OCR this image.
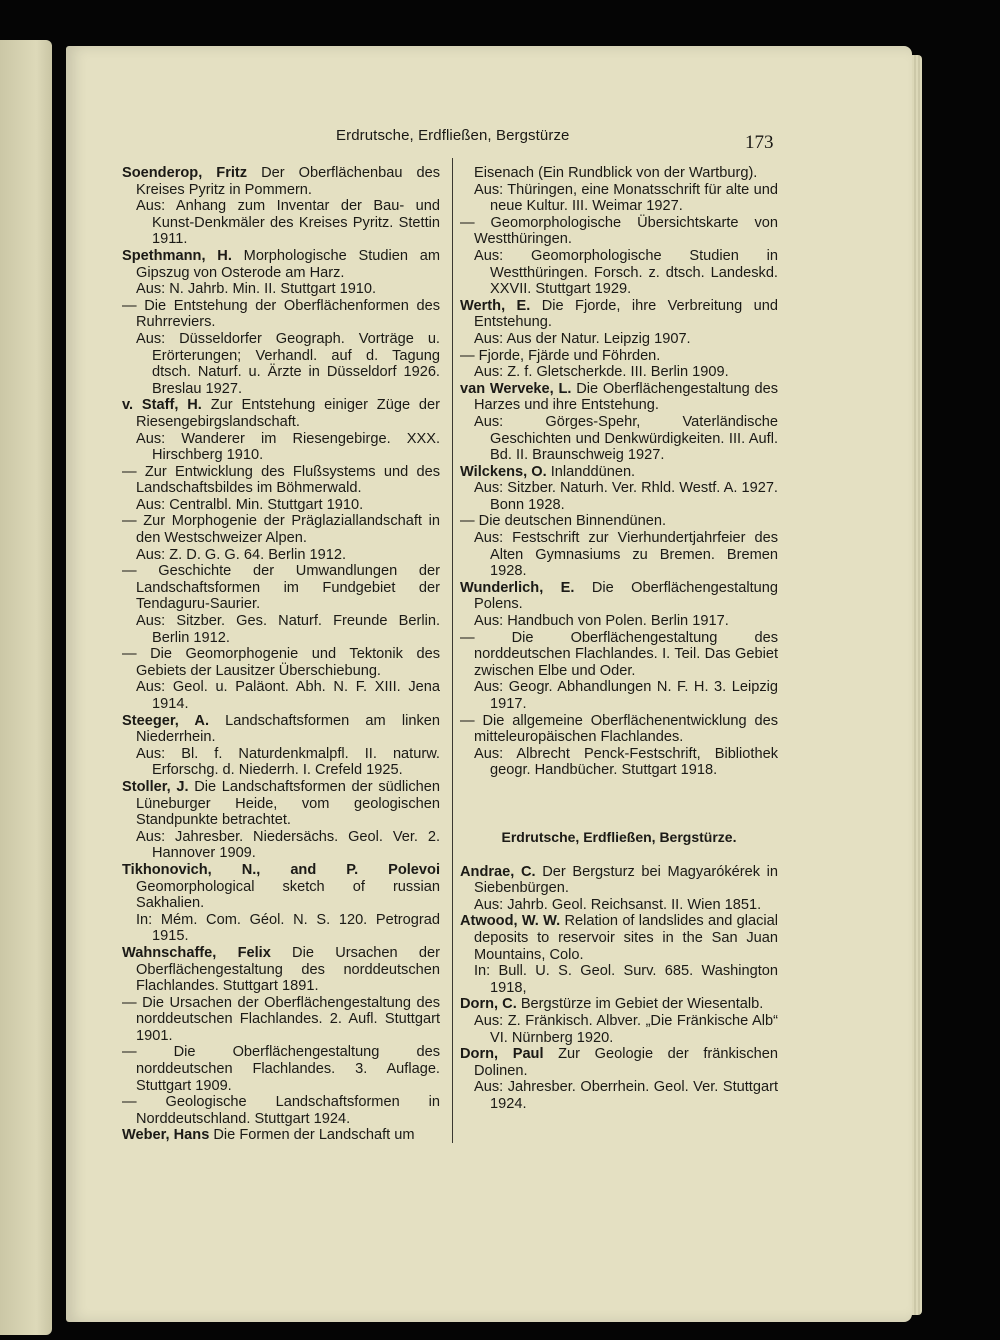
Erdrutsche, Erdfließen, Bergstürze	173

Soenderop, Fritz Der Oberflächenbau des Kreises Pyritz in Pommern.

Aus: Anhang zum Inventar der Bau- und Kunst-Denkmäler des Kreises Pyritz. Stettin 1911.

Spethmann, H. Morphologische Studien am Gipszug von Osterode am Harz.

Aus: N. Jahrb. Min. II. Stuttgart 1910.

— Die Entstehung der Oberflächenformen des Ruhrreviers.

Aus: Düsseldorfer Geograph. Vorträge u. Erörterungen; Verhandl. auf d. Tagung dtsch. Naturf. u. Ärzte in Düsseldorf 1926. Breslau 1927.

v. Staff, H. Zur Entstehung einiger Züge der Riesengebirgslandschaft.

Aus: Wanderer im Riesengebirge. XXX. Hirschberg 1910.

— Zur Entwicklung des Flußsystems und des Landschaftsbildes im Böhmerwald.

Aus: Centralbl. Min. Stuttgart 1910.

— Zur Morphogenie der Präglaziallandschaft in den Westschweizer Alpen.

Aus: Z. D. G. G. 64. Berlin 1912.

— Geschichte der Umwandlungen der Landschaftsformen im Fundgebiet der Tendaguru-Saurier.

Aus: Sitzber. Ges. Naturf. Freunde Berlin. Berlin 1912.

— Die Geomorphogenie und Tektonik des Gebiets der Lausitzer Überschiebung.

Aus: Geol. u. Paläont. Abh. N. F. XIII. Jena 1914.

Steeger, A. Landschaftsformen am linken Niederrhein.

Aus: Bl. f. Naturdenkmalpfl. II. naturw. Erforschg. d. Niederrh. I. Crefeld 1925.

Stoller, J. Die Landschaftsformen der südlichen Lüneburger Heide, vom geologischen Standpunkte betrachtet.

Aus: Jahresber. Niedersächs. Geol. Ver. 2. Hannover 1909.

Tikhonovich, N., and P. Polevoi Geomorphological sketch of russian Sakhalien.

In: Mém. Com. Géol. N. S. 120. Petrograd 1915.

Wahnschaffe, Felix Die Ursachen der Oberflächengestaltung des norddeutschen Flachlandes. Stuttgart 1891.

— Die Ursachen der Oberflächengestaltung des norddeutschen Flachlandes. 2. Aufl. Stuttgart 1901.

— Die Oberflächengestaltung des norddeutschen Flachlandes. 3. Auflage. Stuttgart 1909.

— Geologische Landschaftsformen in Norddeutschland. Stuttgart 1924.

Weber, Hans Die Formen der Landschaft um

Eisenach (Ein Rundblick von der Wartburg).

Aus: Thüringen, eine Monatsschrift für alte und neue Kultur. III. Weimar 1927.

— Geomorphologische Übersichtskarte von Westthüringen.

Aus: Geomorphologische Studien in Westthüringen. Forsch. z. dtsch. Landeskd. XXVII. Stuttgart 1929.

Werth, E. Die Fjorde, ihre Verbreitung und Entstehung.

Aus: Aus der Natur. Leipzig 1907.

— Fjorde, Fjärde und Föhrden.

Aus: Z. f. Gletscherkde. III. Berlin 1909.

van Werveke, L. Die Oberflächengestaltung des Harzes und ihre Entstehung.

Aus: Görges-Spehr, Vaterländische Geschichten und Denkwürdigkeiten. III. Aufl. Bd. II. Braunschweig 1927.

Wilckens, O. Inlanddünen.

Aus: Sitzber. Naturh. Ver. Rhld. Westf. A. 1927. Bonn 1928.

— Die deutschen Binnendünen.

Aus: Festschrift zur Vierhundertjahrfeier des Alten Gymnasiums zu Bremen. Bremen 1928.

Wunderlich, E. Die Oberflächengestaltung Polens.

Aus: Handbuch von Polen. Berlin 1917.

— Die Oberflächengestaltung des norddeutschen Flachlandes. I. Teil. Das Gebiet zwischen Elbe und Oder.

Aus: Geogr. Abhandlungen N. F. H. 3. Leipzig 1917.

— Die allgemeine Oberflächenentwicklung des mitteleuropäischen Flachlandes.

Aus: Albrecht Penck-Festschrift, Bibliothek geogr. Handbücher. Stuttgart 1918.

Erdrutsche, Erdfließen, Bergstürze.

Andrae, C. Der Bergsturz bei Magyarókérek in Siebenbürgen.

Aus: Jahrb. Geol. Reichsanst. II. Wien 1851.

Atwood, W. W. Relation of landslides and glacial deposits to reservoir sites in the San Juan Mountains, Colo.

In: Bull. U. S. Geol. Surv. 685. Washington 1918,

Dorn, C. Bergstürze im Gebiet der Wiesentalb.

Aus: Z. Fränkisch. Albver. „Die Fränkische Alb“ VI. Nürnberg 1920.

Dorn, Paul Zur Geologie der fränkischen Dolinen.

Aus: Jahresber. Oberrhein. Geol. Ver. Stuttgart 1924.
